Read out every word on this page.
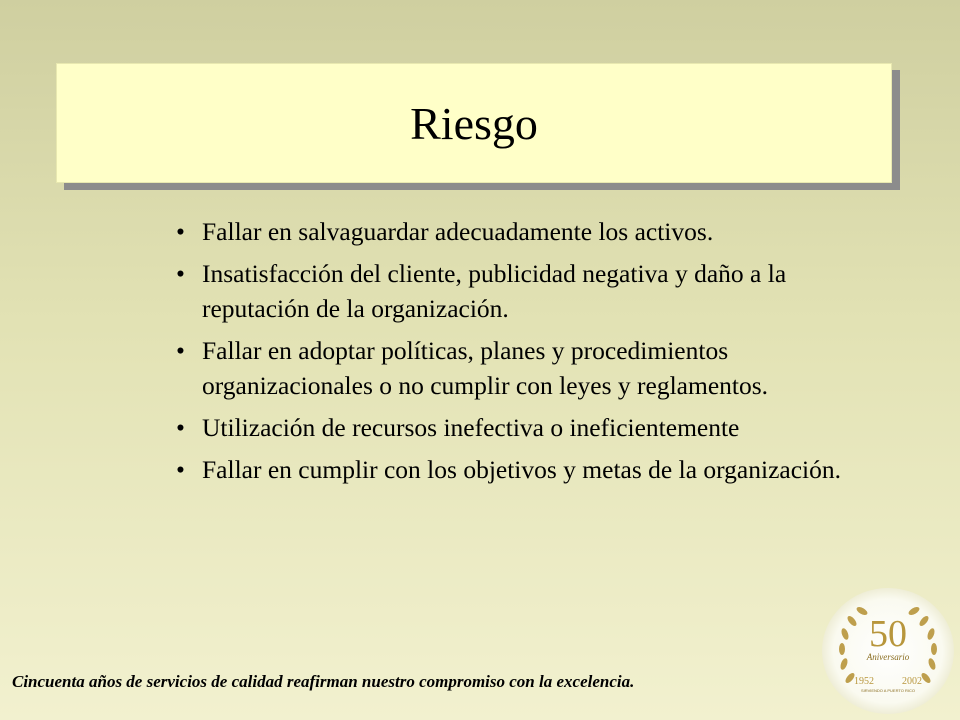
Riesgo
• Fallar en salvaguardar adecuadamente los activos.
• Insatisfacción del cliente, publicidad negativa y daño a la reputación de la organización.
• Fallar en adoptar políticas, planes y procedimientos organizacionales o no cumplir con leyes y reglamentos.
• Utilización de recursos inefectiva o ineficientemente
• Fallar en cumplir con los objetivos y metas de la organización.
Cincuenta años de servicios de calidad reafirman nuestro compromiso con la excelencia.
50
Aniversario
1952	2002
SIRVIENDO A PUERTO RICO
